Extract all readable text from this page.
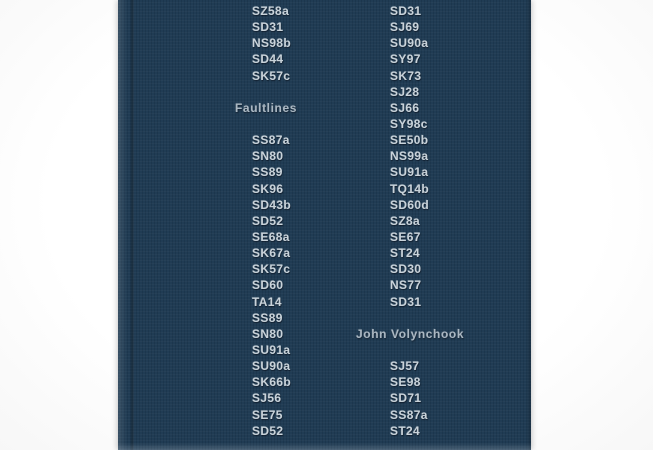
SZ58a
SD31
NS98b
SD44
SK57c
Faultlines
SS87a
SN80
SS89
SK96
SD43b
SD52
SE68a
SK67a
SK57c
SD60
TA14
SS89
SN80
SU91a
SU90a
SK66b
SJ56
SE75
SD52
SD31
SJ69
SU90a
SY97
SK73
SJ28
SJ66
SY98c
SE50b
NS99a
SU91a
TQ14b
SD60d
SZ8a
SE67
ST24
SD30
NS77
SD31
John Volynchook
SJ57
SE98
SD71
SS87a
ST24
